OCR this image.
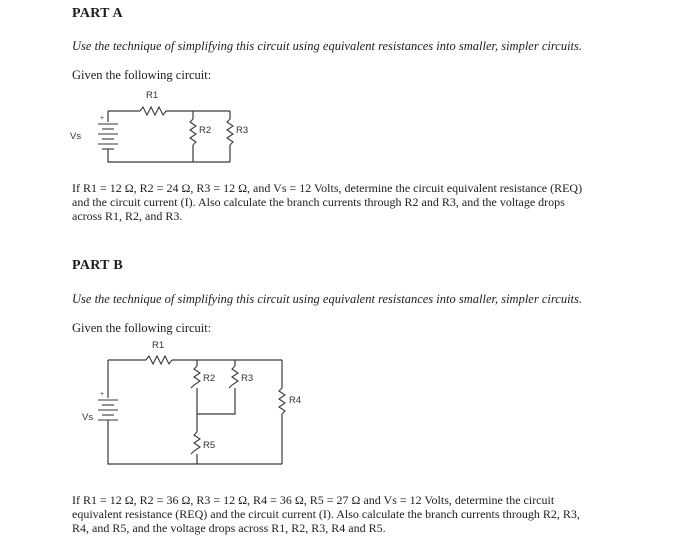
PART A
Use the technique of simplifying this circuit using equivalent resistances into smaller, simpler circuits.
Given the following circuit:
R1
+
Vs
R2	R3
If R1 = 12 Ω, R2 = 24 Ω, R3 = 12 Ω, and Vs = 12 Volts, determine the circuit equivalent resistance (REQ)
and the circuit current (I). Also calculate the branch currents through R2 and R3, and the voltage drops
across R1, R2, and R3.
PART B
Use the technique of simplifying this circuit using equivalent resistances into smaller, simpler circuits.
Given the following circuit:
R1
+
Vs
R2	R3
R5
R4
If R1 = 12 Ω, R2 = 36 Ω, R3 = 12 Ω, R4 = 36 Ω, R5 = 27 Ω and Vs = 12 Volts, determine the circuit
equivalent resistance (REQ) and the circuit current (I). Also calculate the branch currents through R2, R3,
R4, and R5, and the voltage drops across R1, R2, R3, R4 and R5.
